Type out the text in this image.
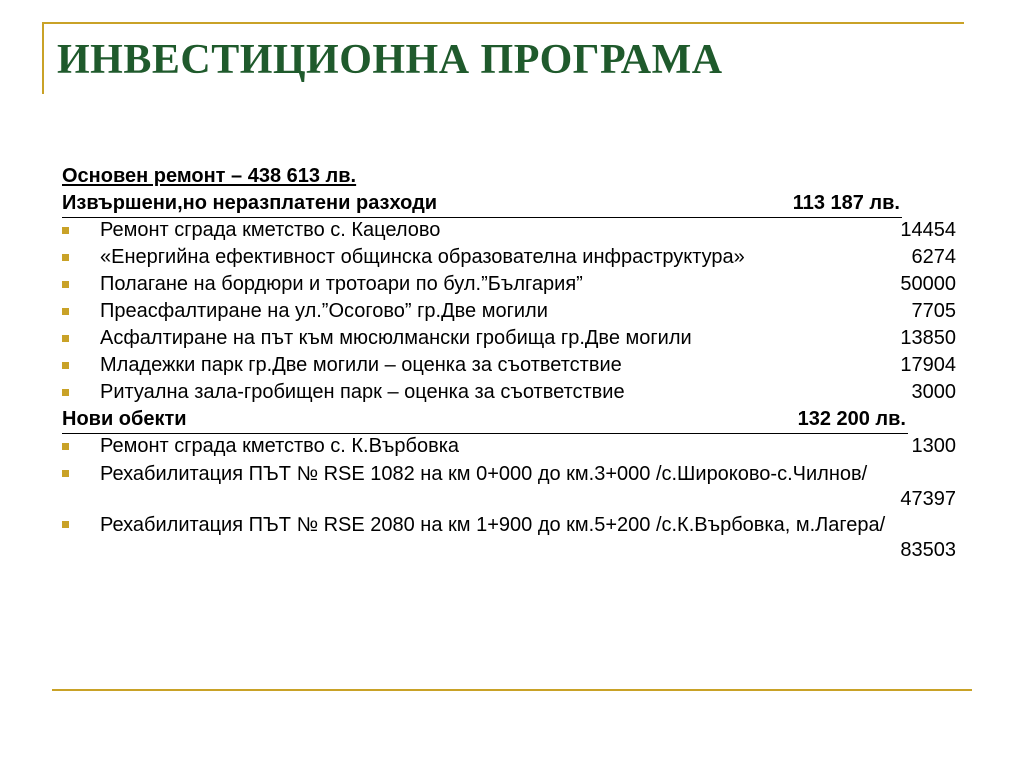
ИНВЕСТИЦИОННА ПРОГРАМА
Основен ремонт – 438 613 лв.
Извършени,но неразплатени разходи	113 187 лв.
Ремонт сграда кметство с. Кацелово	14454
«Енергийна ефективност общинска образователна инфраструктура»	6274
Полагане на бордюри и тротоари по бул.”България”	50000
Преасфалтиране на ул.”Осогово” гр.Две могили	7705
Асфалтиране на път към мюсюлмански гробища гр.Две могили	13850
Младежки парк гр.Две могили – оценка за съответствие	17904
Ритуална зала-гробищен парк – оценка за съответствие	3000
Нови обекти	132 200 лв.
Ремонт сграда кметство с. К.Върбовка	1300
Рехабилитация ПЪТ № RSE 1082 на км 0+000 до км.3+000 /с.Широково-с.Чилнов/
47397
Рехабилитация ПЪТ № RSE 2080 на км 1+900 до км.5+200 /с.К.Върбовка, м.Лагера/
83503
